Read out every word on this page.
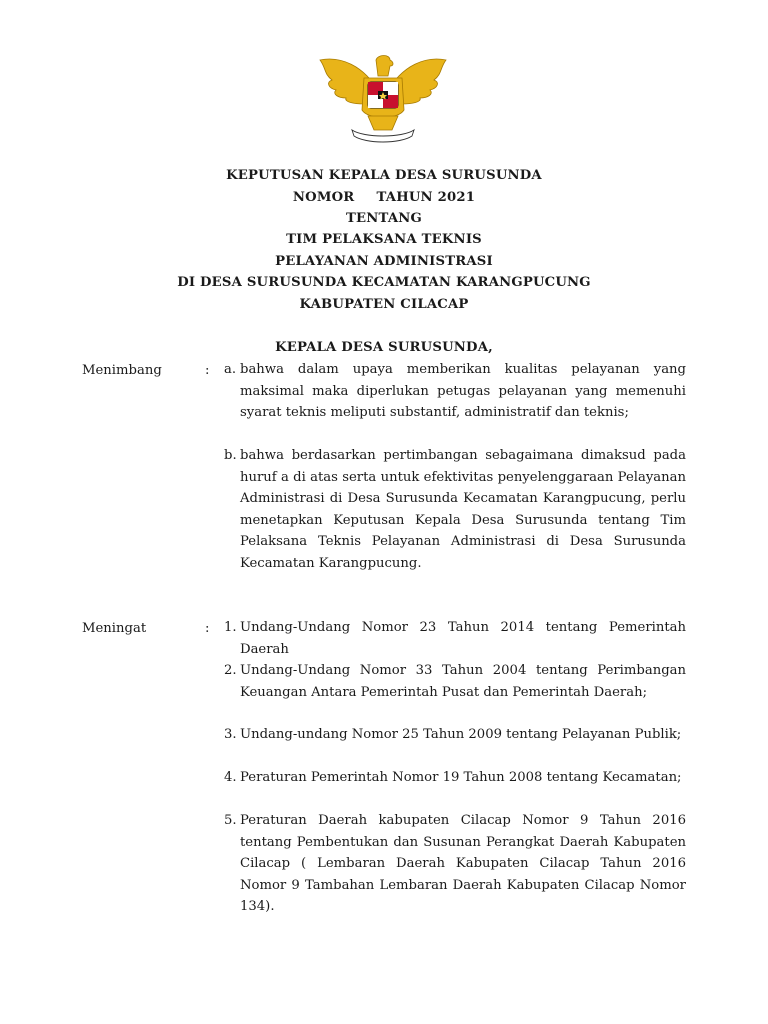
KEPUTUSAN KEPALA DESA SURUSUNDA
NOMOR TAHUN 2021
TENTANG
TIM PELAKSANA TEKNIS
PELAYANAN ADMINISTRASI
DI DESA SURUSUNDA KECAMATAN KARANGPUCUNG
KABUPATEN CILACAP
KEPALA DESA SURUSUNDA,
Menimbang	: a. bahwa dalam upaya memberikan kualitas pelayanan yang maksimal maka diperlukan petugas pelayanan yang memenuhi syarat teknis meliputi substantif, administratif dan teknis;
b. bahwa berdasarkan pertimbangan sebagaimana dimaksud pada huruf a di atas serta untuk efektivitas penyelenggaraan Pelayanan Administrasi di Desa Surusunda Kecamatan Karangpucung, perlu menetapkan Keputusan Kepala Desa Surusunda tentang Tim Pelaksana Teknis Pelayanan Administrasi di Desa Surusunda Kecamatan Karangpucung.
Meningat	: 1. Undang-Undang Nomor 23 Tahun 2014 tentang Pemerintah Daerah
2. Undang-Undang Nomor 33 Tahun 2004 tentang Perimbangan Keuangan Antara Pemerintah Pusat dan Pemerintah Daerah;
3. Undang-undang Nomor 25 Tahun 2009 tentang Pelayanan Publik;
4. Peraturan Pemerintah Nomor 19 Tahun 2008 tentang Kecamatan;
5. Peraturan Daerah kabupaten Cilacap Nomor 9 Tahun 2016 tentang Pembentukan dan Susunan Perangkat Daerah Kabupaten Cilacap ( Lembaran Daerah Kabupaten Cilacap Tahun 2016 Nomor 9 Tambahan Lembaran Daerah Kabupaten Cilacap Nomor 134).
